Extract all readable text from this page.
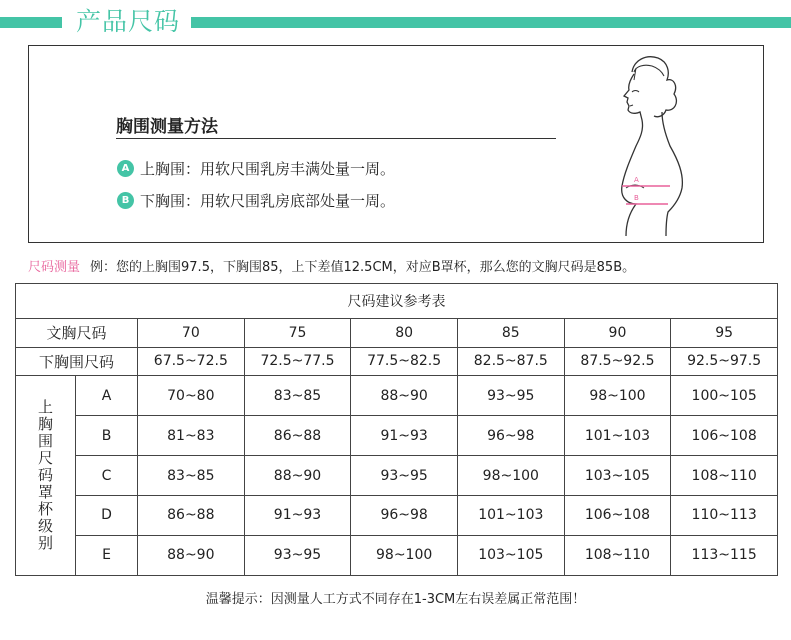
产品尺码
胸围测量方法
A 上胸围：用软尺围乳房丰满处量一周。
B 下胸围：用软尺围乳房底部处量一周。
A
B
尺码测量 例：您的上胸围97.5，下胸围85，上下差值12.5CM，对应B罩杯，那么您的文胸尺码是85B。
尺码建议参考表							
文胸尺码		70	75	80	85	90	95
下胸围尺码		67.5~72.5	72.5~77.5	77.5~82.5	82.5~87.5	87.5~92.5	92.5~97.5
上胸围尺码罩杯级别	A	70~80	83~85	88~90	93~95	98~100	100~105
	B	81~83	86~88	91~93	96~98	101~103	106~108
	C	83~85	88~90	93~95	98~100	103~105	108~110
	D	86~88	91~93	96~98	101~103	106~108	110~113
	E	88~90	93~95	98~100	103~105	108~110	113~115
温馨提示：因测量人工方式不同存在1-3CM左右误差属正常范围！
